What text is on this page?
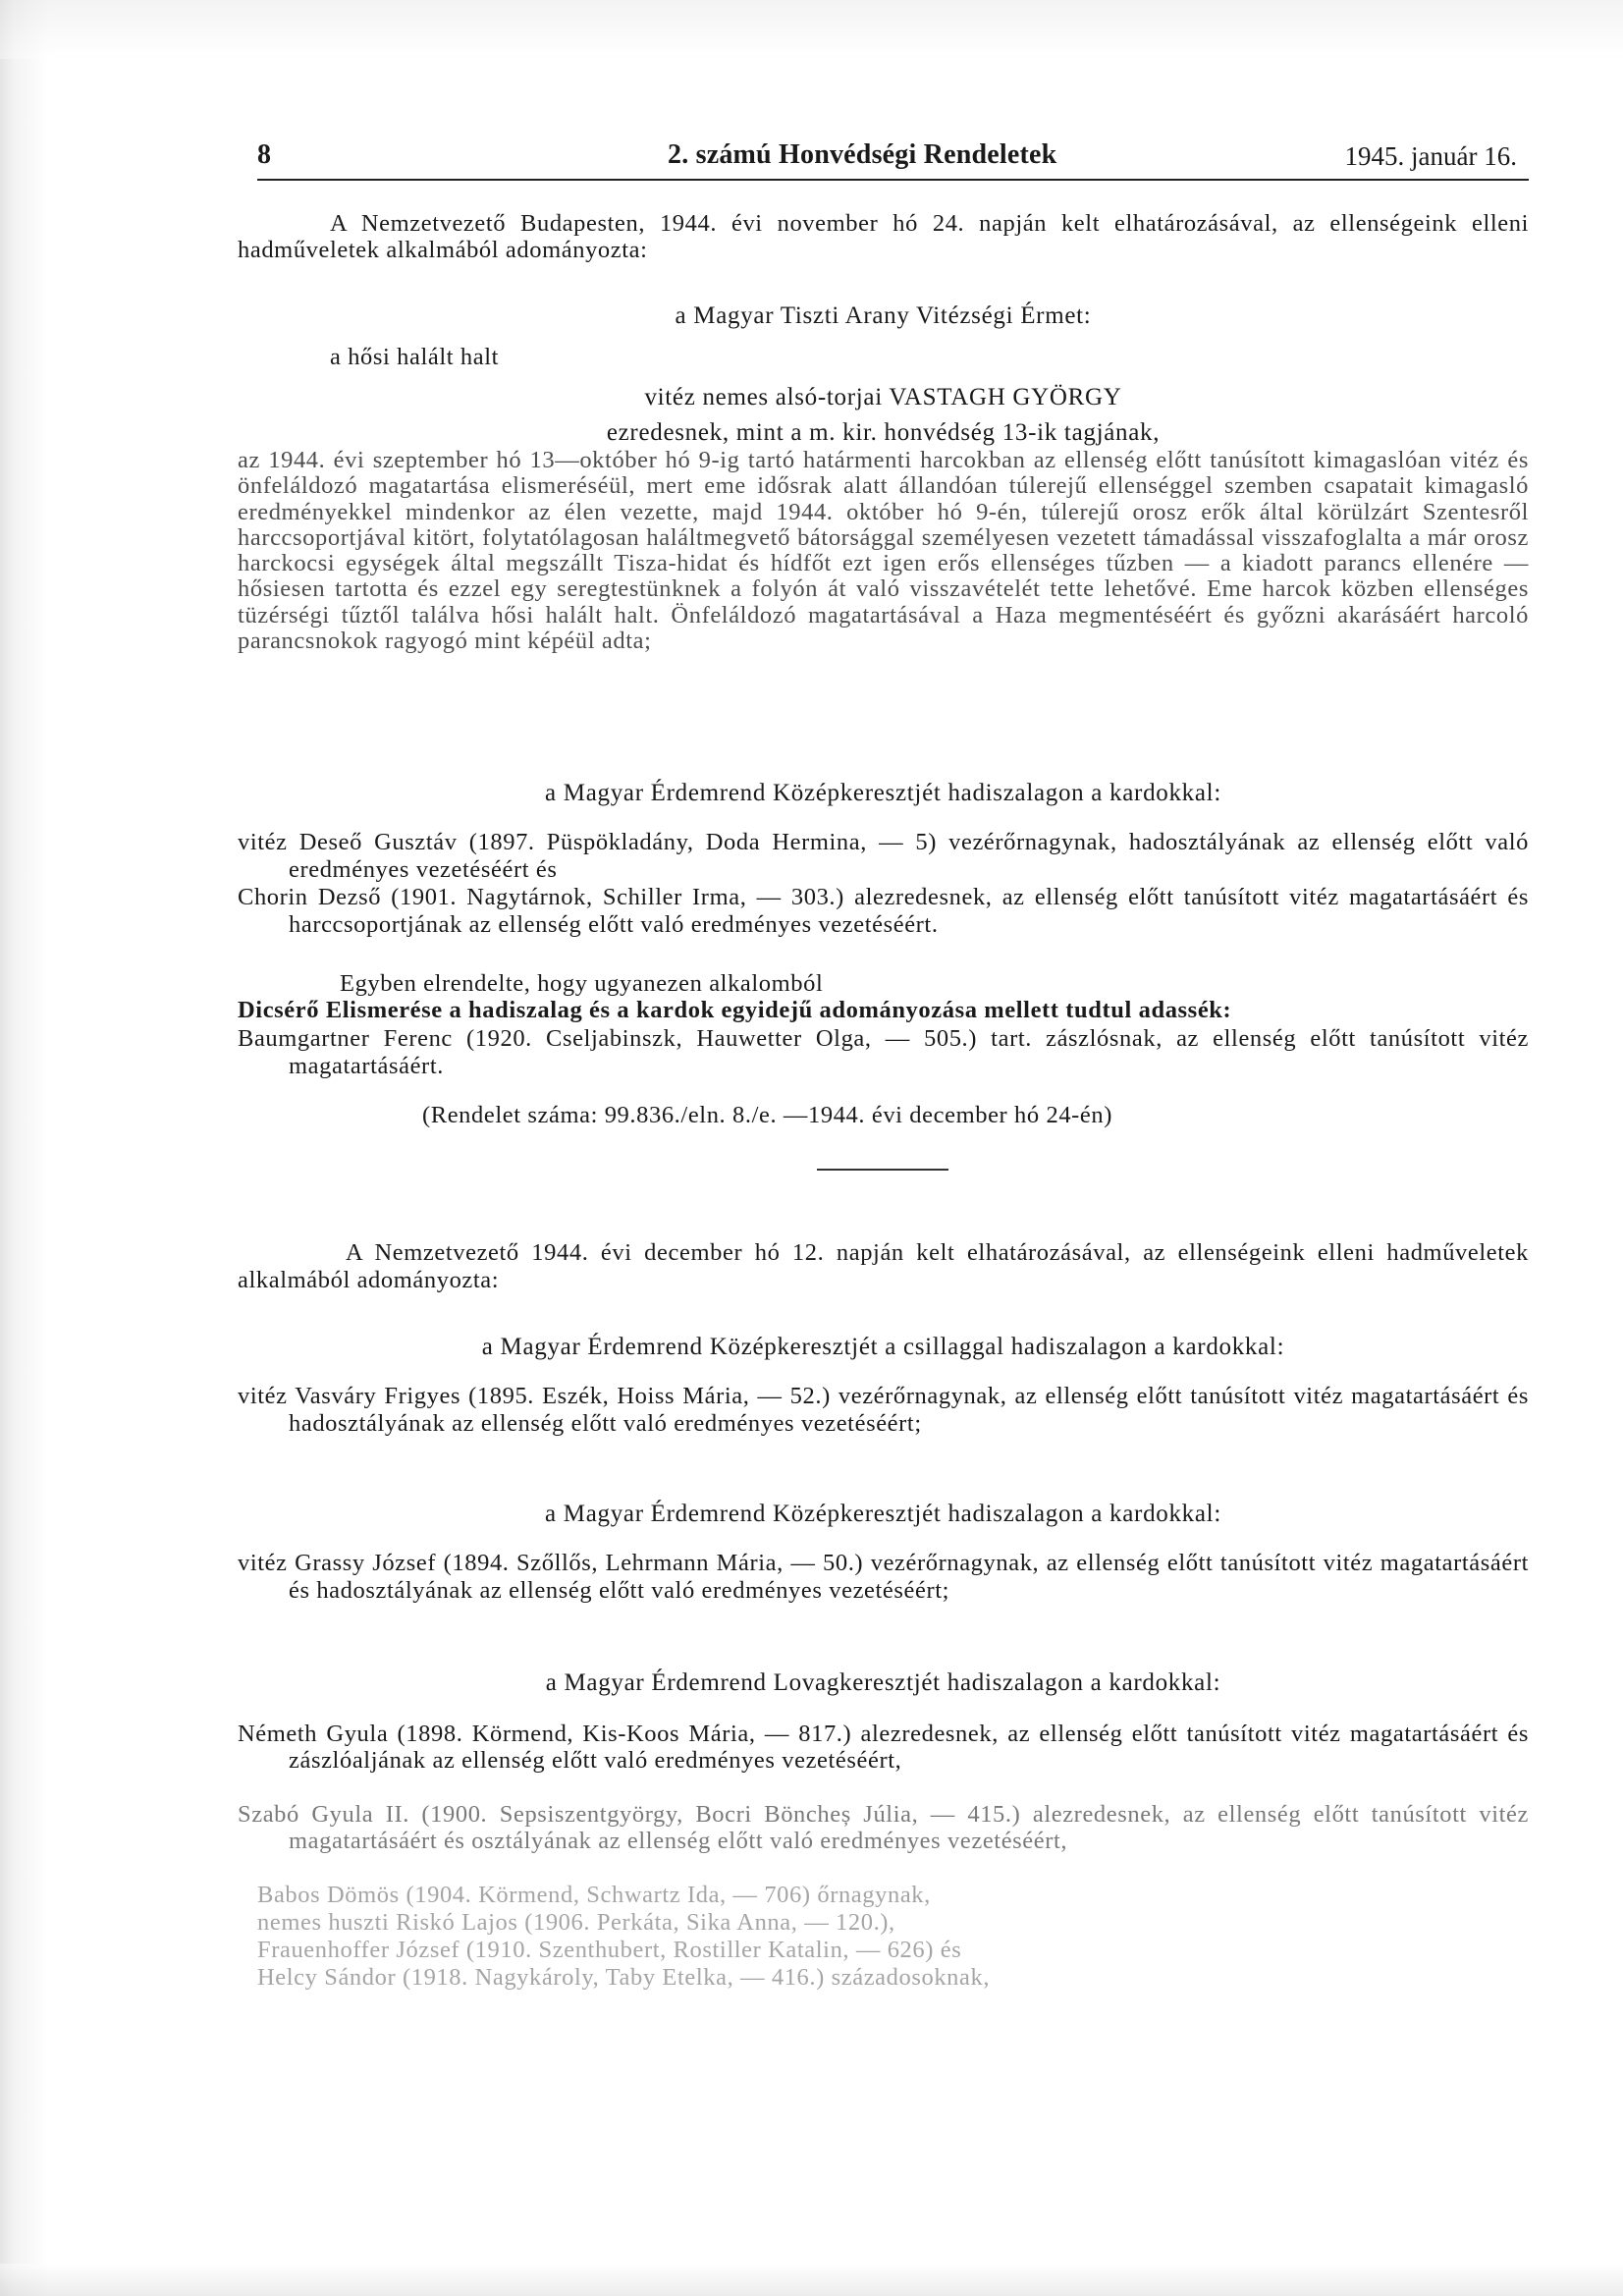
8	2. számú Honvédségi Rendeletek	1945. január 16.
A Nemzetvezető Budapesten, 1944. évi november hó 24. napján kelt elhatározásával, az ellenségeink elleni hadműveletek alkalmából adományozta:
a Magyar Tiszti Arany Vitézségi Érmet:
a hősi halált halt
vitéz nemes alsó-torjai VASTAGH GYÖRGY
ezredesnek, mint a m. kir. honvédség 13-ik tagjának,
az 1944. évi szeptember hó 13—október hó 9-ig tartó határmenti harcokban az ellenség előtt tanúsított kimagaslóan vitéz és önfeláldozó magatartása elismeréséül, mert eme idősrak alatt állandóan túlerejű ellenséggel szemben csapatait kimagasló eredményekkel mindenkor az élen vezette, majd 1944. október hó 9-én, túlerejű orosz erők által körülzárt Szentesről harccsoportjával kitört, folytatólagosan haláltmegvető bátorsággal személyesen vezetett támadással visszafoglalta a már orosz harckocsi egységek által megszállt Tisza-hidat és hídfőt ezt igen erős ellenséges tűzben — a kiadott parancs ellenére — hősiesen tartotta és ezzel egy seregtestünknek a folyón át való visszavételét tette lehetővé. Eme harcok közben ellenséges tüzérségi tűztől találva hősi halált halt. Önfeláldozó magatartásával a Haza megmentéséért és győzni akarásáért harcoló parancsnokok ragyogó mint képéül adta;
a Magyar Érdemrend Középkeresztjét hadiszalagon a kardokkal:
vitéz Deseő Gusztáv (1897. Püspökladány, Doda Hermina, — 5) vezérőrnagynak, hadosztályának az ellenség előtt való eredményes vezetéséért és
Chorin Dezső (1901. Nagytárnok, Schiller Irma, — 303.) alezredesnek, az ellenség előtt tanúsított vitéz magatartásáért és harccsoportjának az ellenség előtt való eredményes vezetéséért.
Egyben elrendelte, hogy ugyanezen alkalomból
Dicsérő Elismerése a hadiszalag és a kardok egyidejű adományozása mellett tudtul adassék:
Baumgartner Ferenc (1920. Cseljabinszk, Hauwetter Olga, — 505.) tart. zászlósnak, az ellenség előtt tanúsított vitéz magatartásáért.
(Rendelet száma: 99.836./eln. 8./e. —1944. évi december hó 24-én)
A Nemzetvezető 1944. évi december hó 12. napján kelt elhatározásával, az ellenségeink elleni hadműveletek alkalmából adományozta:
a Magyar Érdemrend Középkeresztjét a csillaggal hadiszalagon a kardokkal:
vitéz Vasváry Frigyes (1895. Eszék, Hoiss Mária, — 52.) vezérőrnagynak, az ellenség előtt tanúsított vitéz magatartásáért és hadosztályának az ellenség előtt való eredményes vezetéséért;
a Magyar Érdemrend Középkeresztjét hadiszalagon a kardokkal:
vitéz Grassy József (1894. Szőllős, Lehrmann Mária, — 50.) vezérőrnagynak, az ellenség előtt tanúsított vitéz magatartásáért és hadosztályának az ellenség előtt való eredményes vezetéséért;
a Magyar Érdemrend Lovagkeresztjét hadiszalagon a kardokkal:
Németh Gyula (1898. Körmend, Kis-Koos Mária, — 817.) alezredesnek, az ellenség előtt tanúsított vitéz magatartásáért és zászlóaljának az ellenség előtt való eredményes vezetéséért,
Szabó Gyula II. (1900. Sepsiszentgyörgy, Bocri Böncheș Júlia, — 415.) alezredesnek, az ellenség előtt tanúsított vitéz magatartásáért és osztályának az ellenség előtt való eredményes vezetéséért,
Babos Dömös (1904. Körmend, Schwartz Ida, — 706) őrnagynak,
nemes huszti Riskó Lajos (1906. Perkáta, Sika Anna, — 120.),
Frauenhoffer József (1910. Szenthubert, Rostiller Katalin, — 626) és
Helcy Sándor (1918. Nagykároly, Taby Etelka, — 416.) századosoknak,
